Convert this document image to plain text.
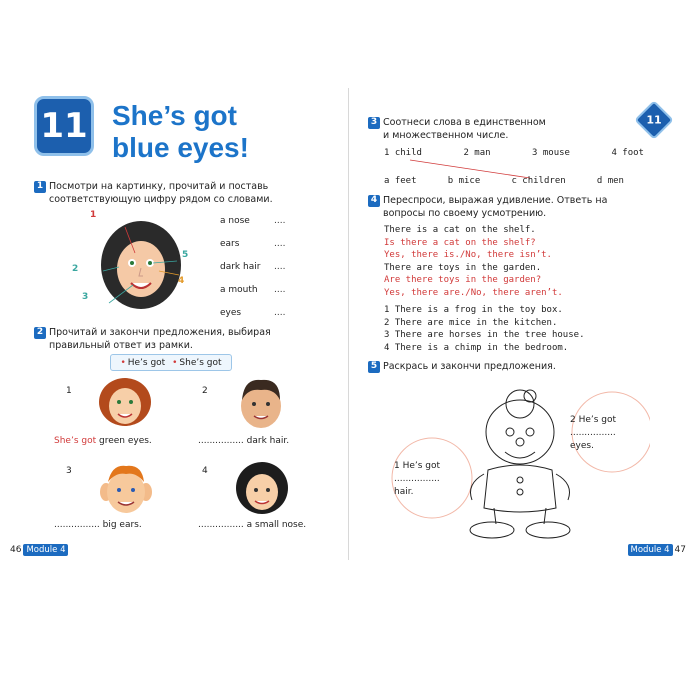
11 She’s got
blue eyes!
1 Посмотри на картинку, прочитай и поставь
соответствующую цифру рядом со словами.
1
2
3
4
5
a nose	....
ears	....
dark hair	....
a mouth	....
eyes	....
2 Прочитай и закончи предложения, выбирая
правильный ответ из рамки.
• He’s got • She’s got
1	2
She’s got green eyes.	................ dark hair.
3	4
................ big ears.	................ a small nose.
46 Module 4
11
3 Соотнеси слова в единственном
и множественном числе.
1 child	2 man	3 mouse	4 foot
a feet	b mice	c children	d men
4 Переспроси, выражая удивление. Ответь на
вопросы по своему усмотрению.
There is a cat on the shelf.
Is there a cat on the shelf?
Yes, there is./No, there isn’t.
There are toys in the garden.
Are there toys in the garden?
Yes, there are./No, there aren’t.
1 There is a frog in the toy box.
2 There are mice in the kitchen.
3 There are horses in the tree house.
4 There is a chimp in the bedroom.
5 Раскрась и закончи предложения.
1 He’s got
................
hair.
2 He’s got
................
eyes.
Module 4 47
